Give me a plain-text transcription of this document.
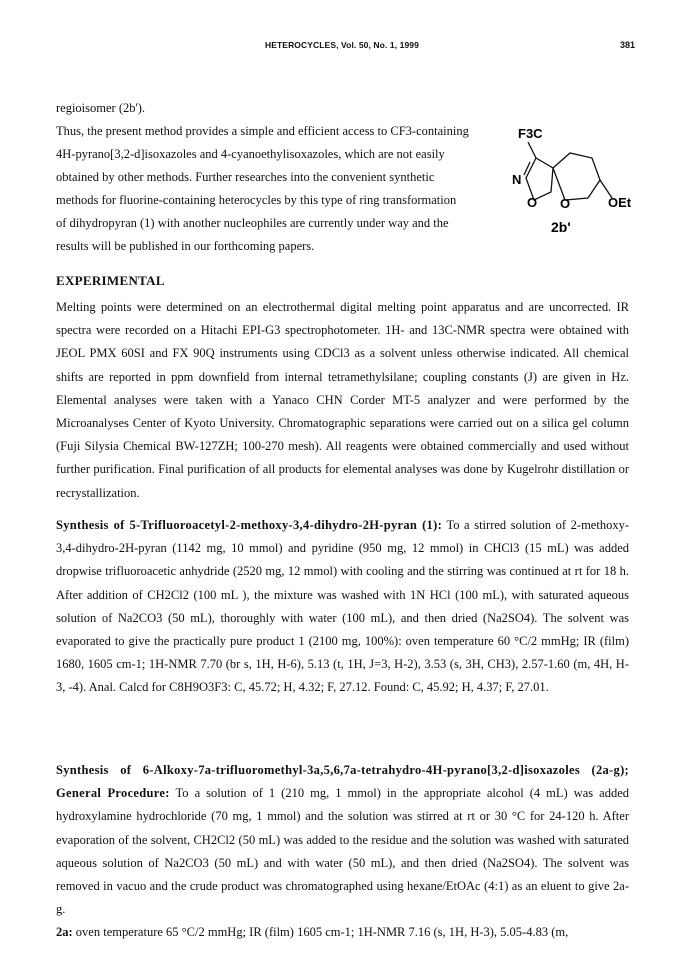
HETEROCYCLES, Vol. 50, No. 1, 1999	381
regioisomer (2b').
Thus, the present method provides a simple and efficient access to CF3-containing
4H-pyrano[3,2-d]isoxazoles and 4-cyanoethylisoxazoles, which are not easily
obtained by other methods. Further researches into the convenient synthetic
methods for fluorine-containing heterocycles by this type of ring transformation
of dihydropyran (1) with another nucleophiles are currently under way and the
results will be published in our forthcoming papers.
F3C
N
O O	OEt
2b'
EXPERIMENTAL

Melting points were determined on an electrothermal digital melting point apparatus and are uncorrected. IR spectra were recorded on a Hitachi EPI-G3 spectrophotometer. 1H- and 13C-NMR spectra were obtained with JEOL PMX 60SI and FX 90Q instruments using CDCl3 as a solvent unless otherwise indicated. All chemical shifts are reported in ppm downfield from internal tetramethylsilane; coupling constants (J) are given in Hz. Elemental analyses were taken with a Yanaco CHN Corder MT-5 analyzer and were performed by the Microanalyses Center of Kyoto University. Chromatographic separations were carried out on a silica gel column (Fuji Silysia Chemical BW-127ZH; 100-270 mesh). All reagents were obtained commercially and used without further purification. Final purification of all products for elemental analyses was done by Kugelrohr distillation or recrystallization.

Synthesis of 5-Trifluoroacetyl-2-methoxy-3,4-dihydro-2H-pyran (1): To a stirred solution of 2-methoxy-3,4-dihydro-2H-pyran (1142 mg, 10 mmol) and pyridine (950 mg, 12 mmol) in CHCl3 (15 mL) was added dropwise trifluoroacetic anhydride (2520 mg, 12 mmol) with cooling and the stirring was continued at rt for 18 h. After addition of CH2Cl2 (100 mL ), the mixture was washed with 1N HCl (100 mL), with saturated aqueous solution of Na2CO3 (50 mL), thoroughly with water (100 mL), and then dried (Na2SO4). The solvent was evaporated to give the practically pure product 1 (2100 mg, 100%): oven temperature 60 °C/2 mmHg; IR (film) 1680, 1605 cm-1; 1H-NMR 7.70 (br s, 1H, H-6), 5.13 (t, 1H, J=3, H-2), 3.53 (s, 3H, CH3), 2.57-1.60 (m, 4H, H-3, -4). Anal. Calcd for C8H9O3F3: C, 45.72; H, 4.32; F, 27.12. Found: C, 45.92; H, 4.37; F, 27.01.

Synthesis of 6-Alkoxy-7a-trifluoromethyl-3a,5,6,7a-tetrahydro-4H-pyrano[3,2-d]isoxazoles (2a-g); General Procedure: To a solution of 1 (210 mg, 1 mmol) in the appropriate alcohol (4 mL) was added hydroxylamine hydrochloride (70 mg, 1 mmol) and the solution was stirred at rt or 30 °C for 24-120 h. After evaporation of the solvent, CH2Cl2 (50 mL) was added to the residue and the solution was washed with saturated aqueous solution of Na2CO3 (50 mL) and with water (50 mL), and then dried (Na2SO4). The solvent was removed in vacuo and the crude product was chromatographed using hexane/EtOAc (4:1) as an eluent to give 2a-g.

2a: oven temperature 65 °C/2 mmHg; IR (film) 1605 cm-1; 1H-NMR 7.16 (s, 1H, H-3), 5.05-4.83 (m,
